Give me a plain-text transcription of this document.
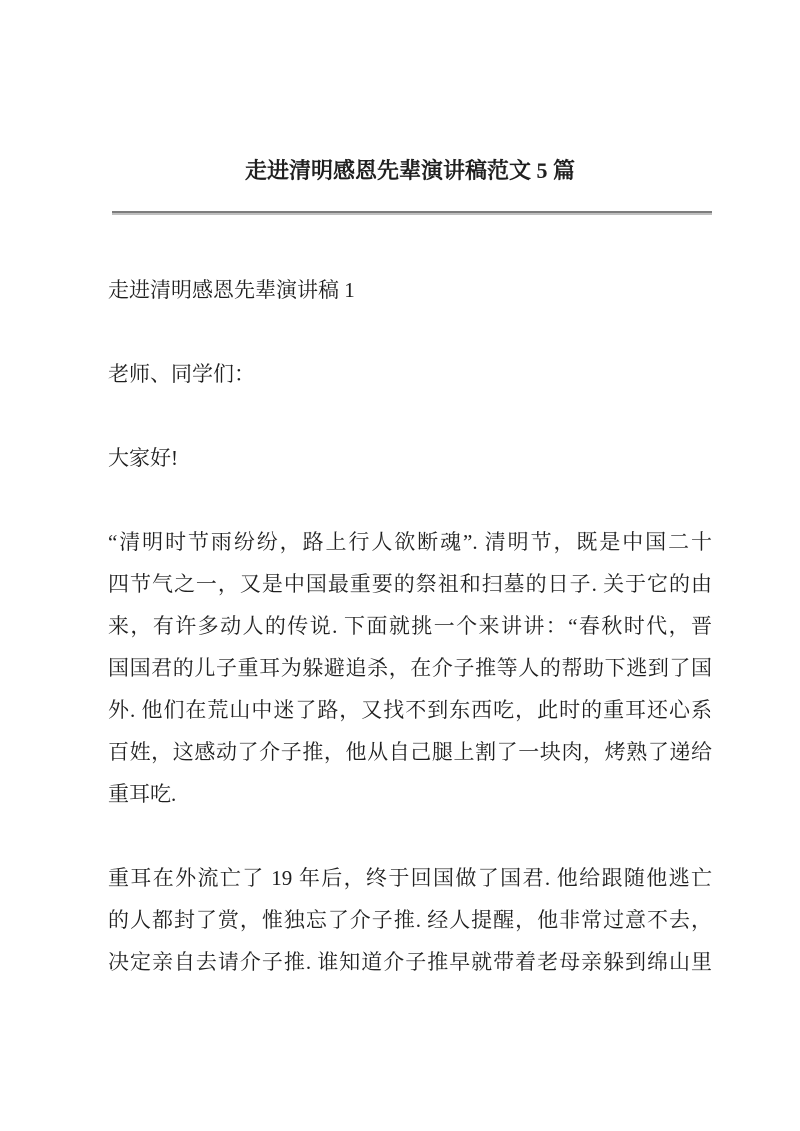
走进清明感恩先辈演讲稿范文 5 篇
走进清明感恩先辈演讲稿 1
老师、同学们：
大家好!
“清明时节雨纷纷，路上行人欲断魂”. 清明节，既是中国二十
四节气之一，又是中国最重要的祭祖和扫墓的日子. 关于它的由
来，有许多动人的传说. 下面就挑一个来讲讲：“春秋时代，晋
国国君的儿子重耳为躲避追杀，在介子推等人的帮助下逃到了国
外. 他们在荒山中迷了路，又找不到东西吃，此时的重耳还心系
百姓，这感动了介子推，他从自己腿上割了一块肉，烤熟了递给
重耳吃.
重耳在外流亡了 19 年后，终于回国做了国君. 他给跟随他逃亡
的人都封了赏，惟独忘了介子推. 经人提醒，他非常过意不去，
决定亲自去请介子推. 谁知道介子推早就带着老母亲躲到绵山里
